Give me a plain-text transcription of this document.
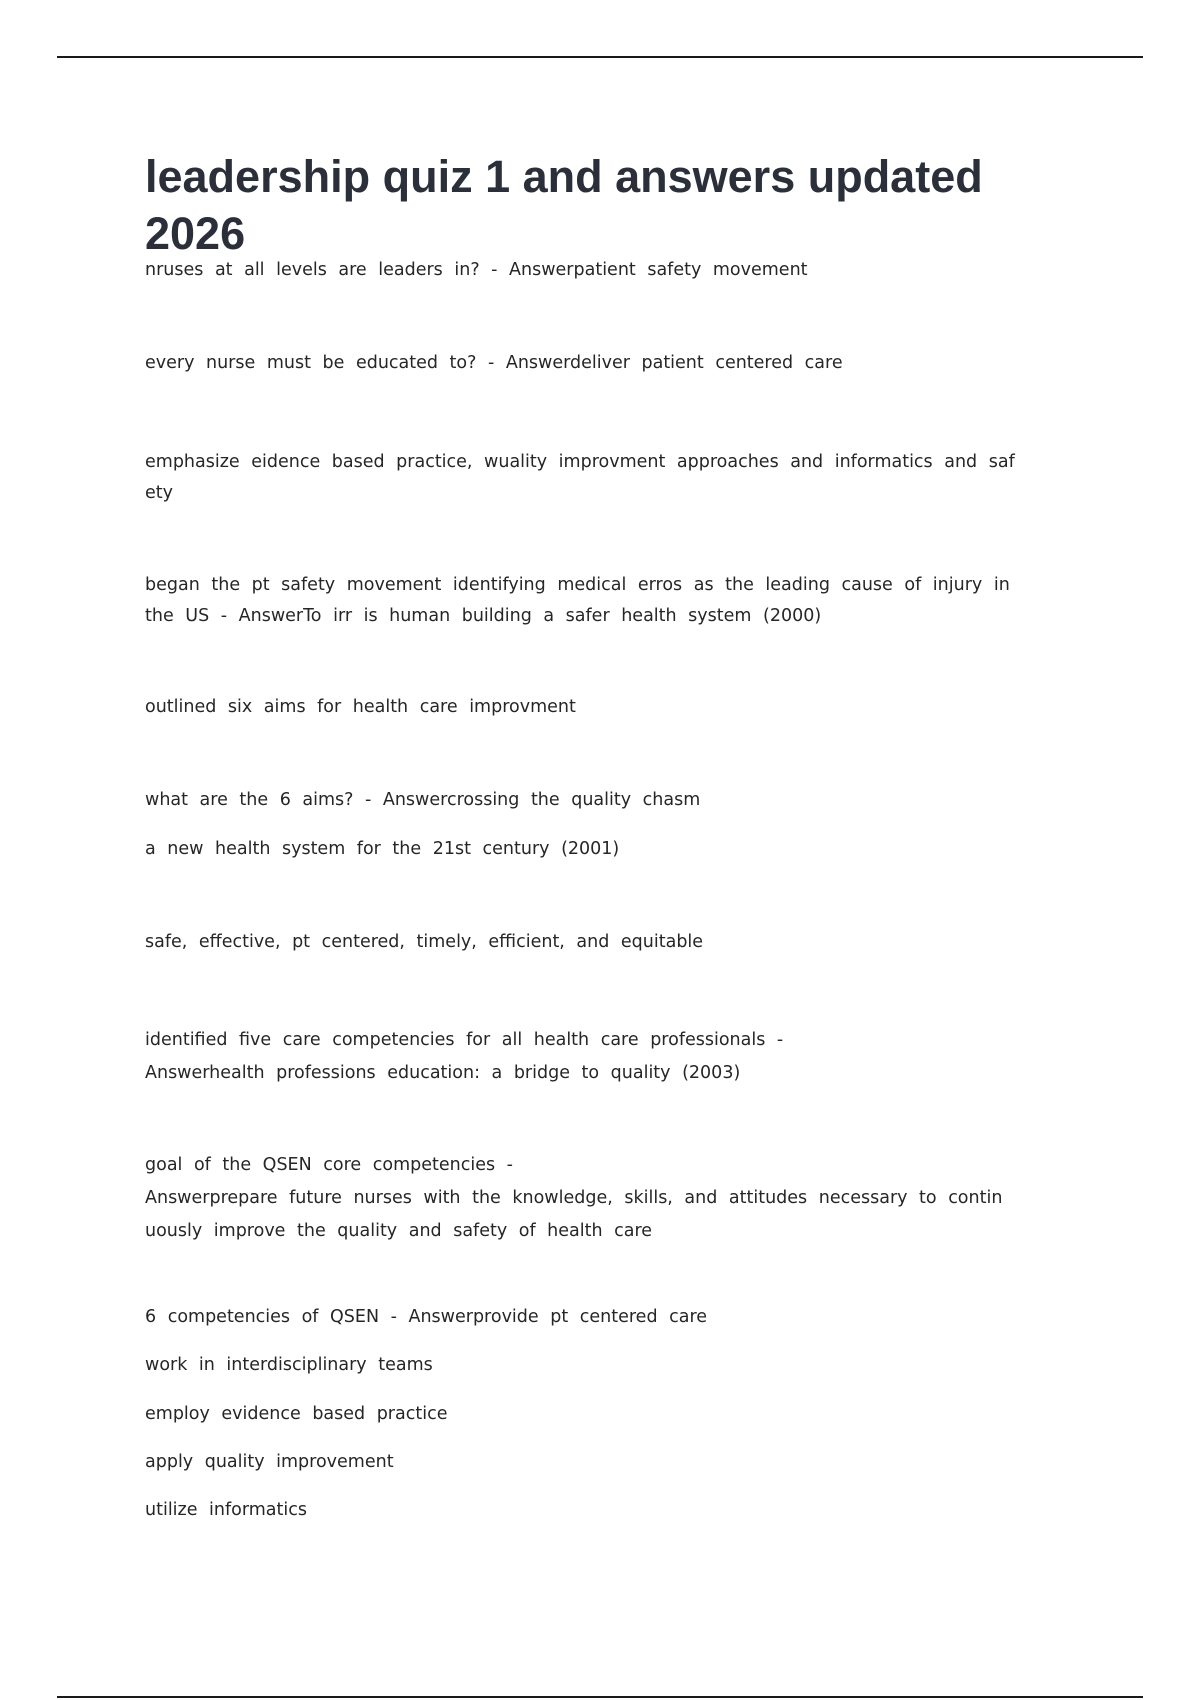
leadership quiz 1 and answers updated 2026

nruses at all levels are leaders in? - Answerpatient safety movement

every nurse must be educated to? - Answerdeliver patient centered care

emphasize eidence based practice, wuality improvment approaches and informatics and saf
ety

began the pt safety movement identifying medical erros as the leading cause of injury in
the US - AnswerTo irr is human building a safer health system (2000)

outlined six aims for health care improvment

what are the 6 aims? - Answercrossing the quality chasm

a new health system for the 21st century (2001)

safe, effective, pt centered, timely, efficient, and equitable

identified five care competencies for all health care professionals -
Answerhealth professions education: a bridge to quality (2003)

goal of the QSEN core competencies -
Answerprepare future nurses with the knowledge, skills, and attitudes necessary to contin
uously improve the quality and safety of health care

6 competencies of QSEN - Answerprovide pt centered care

work in interdisciplinary teams

employ evidence based practice

apply quality improvement

utilize informatics
